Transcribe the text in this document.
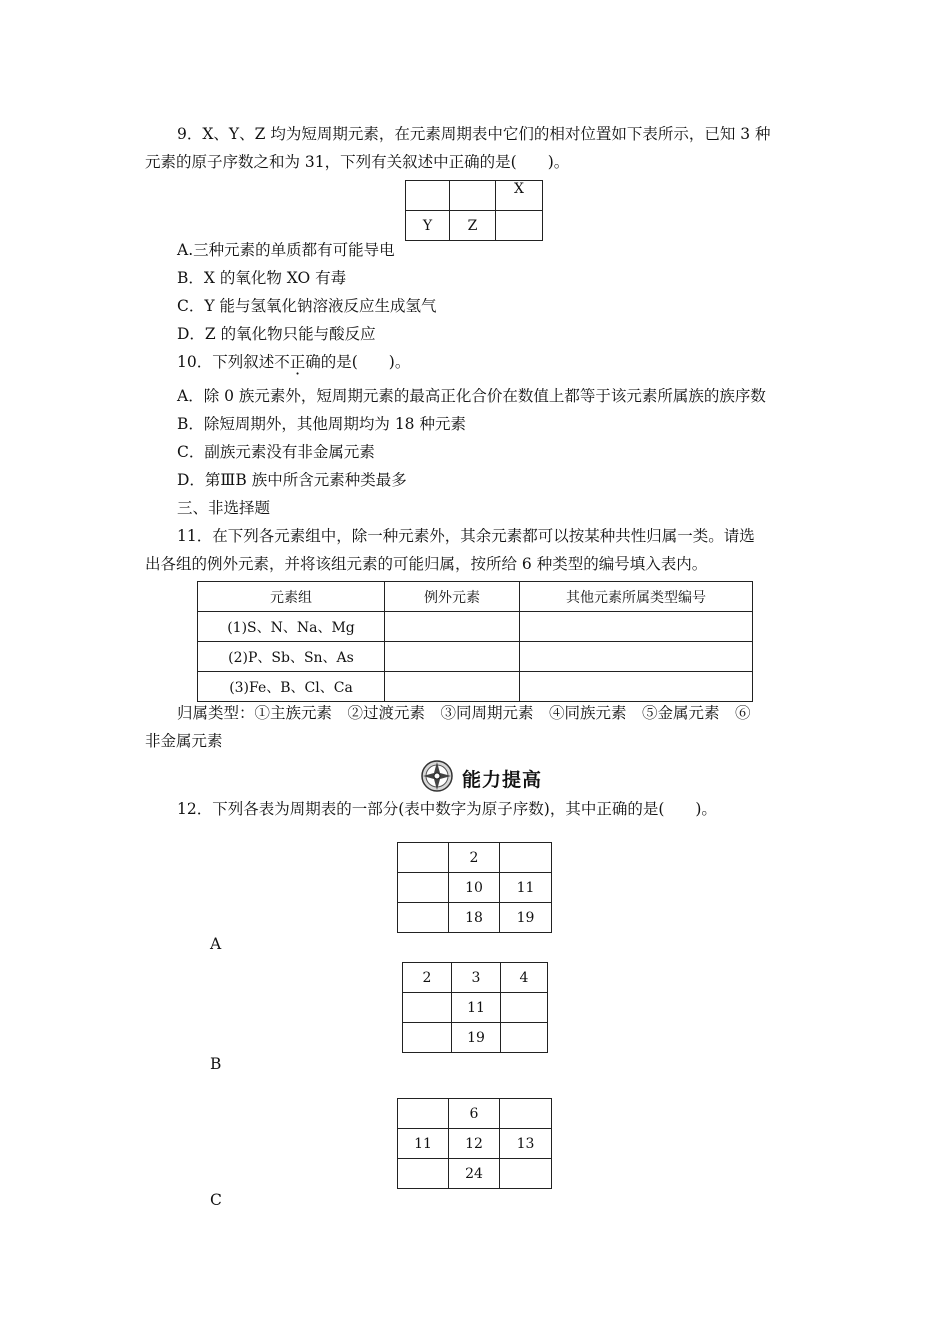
9．X、Y、Z 均为短周期元素，在元素周期表中它们的相对位置如下表所示，已知 3 种
元素的原子序数之和为 31，下列有关叙述中正确的是(　　)。
		X
Y	Z	
A.三种元素的单质都有可能导电
B．X 的氧化物 XO 有毒
C．Y 能与氢氧化钠溶液反应生成氢气
D．Z 的氧化物只能与酸反应
10．下列叙述不正确的是(　　)。
A．除 0 族元素外，短周期元素的最高正化合价在数值上都等于该元素所属族的族序数
B．除短周期外，其他周期均为 18 种元素
C．副族元素没有非金属元素
D．第ⅢB 族中所含元素种类最多
三、非选择题
11．在下列各元素组中，除一种元素外，其余元素都可以按某种共性归属一类。请选
出各组的例外元素，并将该组元素的可能归属，按所给 6 种类型的编号填入表内。
元素组	例外元素	其他元素所属类型编号
(1)S、N、Na、Mg		
(2)P、Sb、Sn、As		
(3)Fe、B、Cl、Ca		
归属类型：①主族元素　②过渡元素　③同周期元素　④同族元素　⑤金属元素　⑥
非金属元素
能力提高
12．下列各表为周期表的一部分(表中数字为原子序数)，其中正确的是(　　)。
	2	
	10	11
	18	19
A
2	3	4
	11	
	19	
B
	6	
11	12	13
	24	
C
